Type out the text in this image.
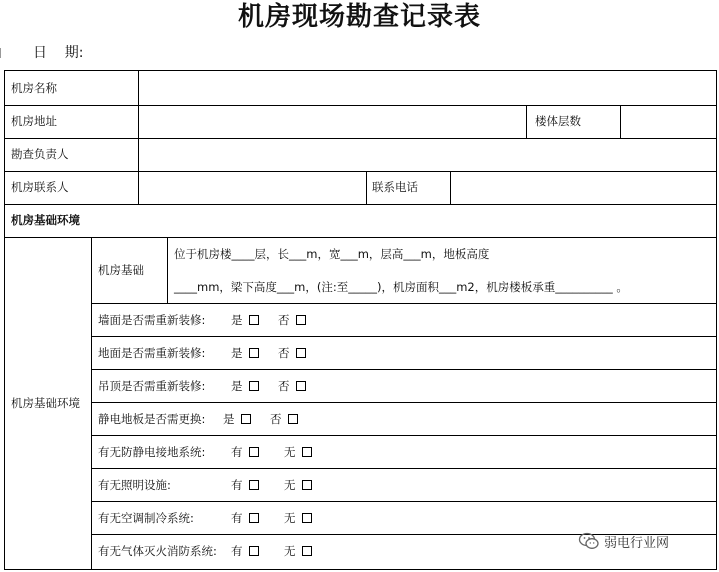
机房现场勘查记录表
日    期:
机房名称
机房地址	楼体层数
勘查负责人
机房联系人	联系电话
机房基础环境
机房基础环境
机房基础
位于机房楼____层，长___m，宽___m，层高___m，地板高度
____mm，梁下高度___m，(注:至_____)，机房面积___m2，机房楼板承重__________ 。
墙面是否需重新装修: 是	否
地面是否需重新装修: 是	否
吊顶是否需重新装修: 是	否
静电地板是否需更换: 是	否
有无防静电接地系统: 有	无
有无照明设施:	有	无
有无空调制冷系统:	有	无
有无气体灭火消防系统: 有	无
弱电行业网
